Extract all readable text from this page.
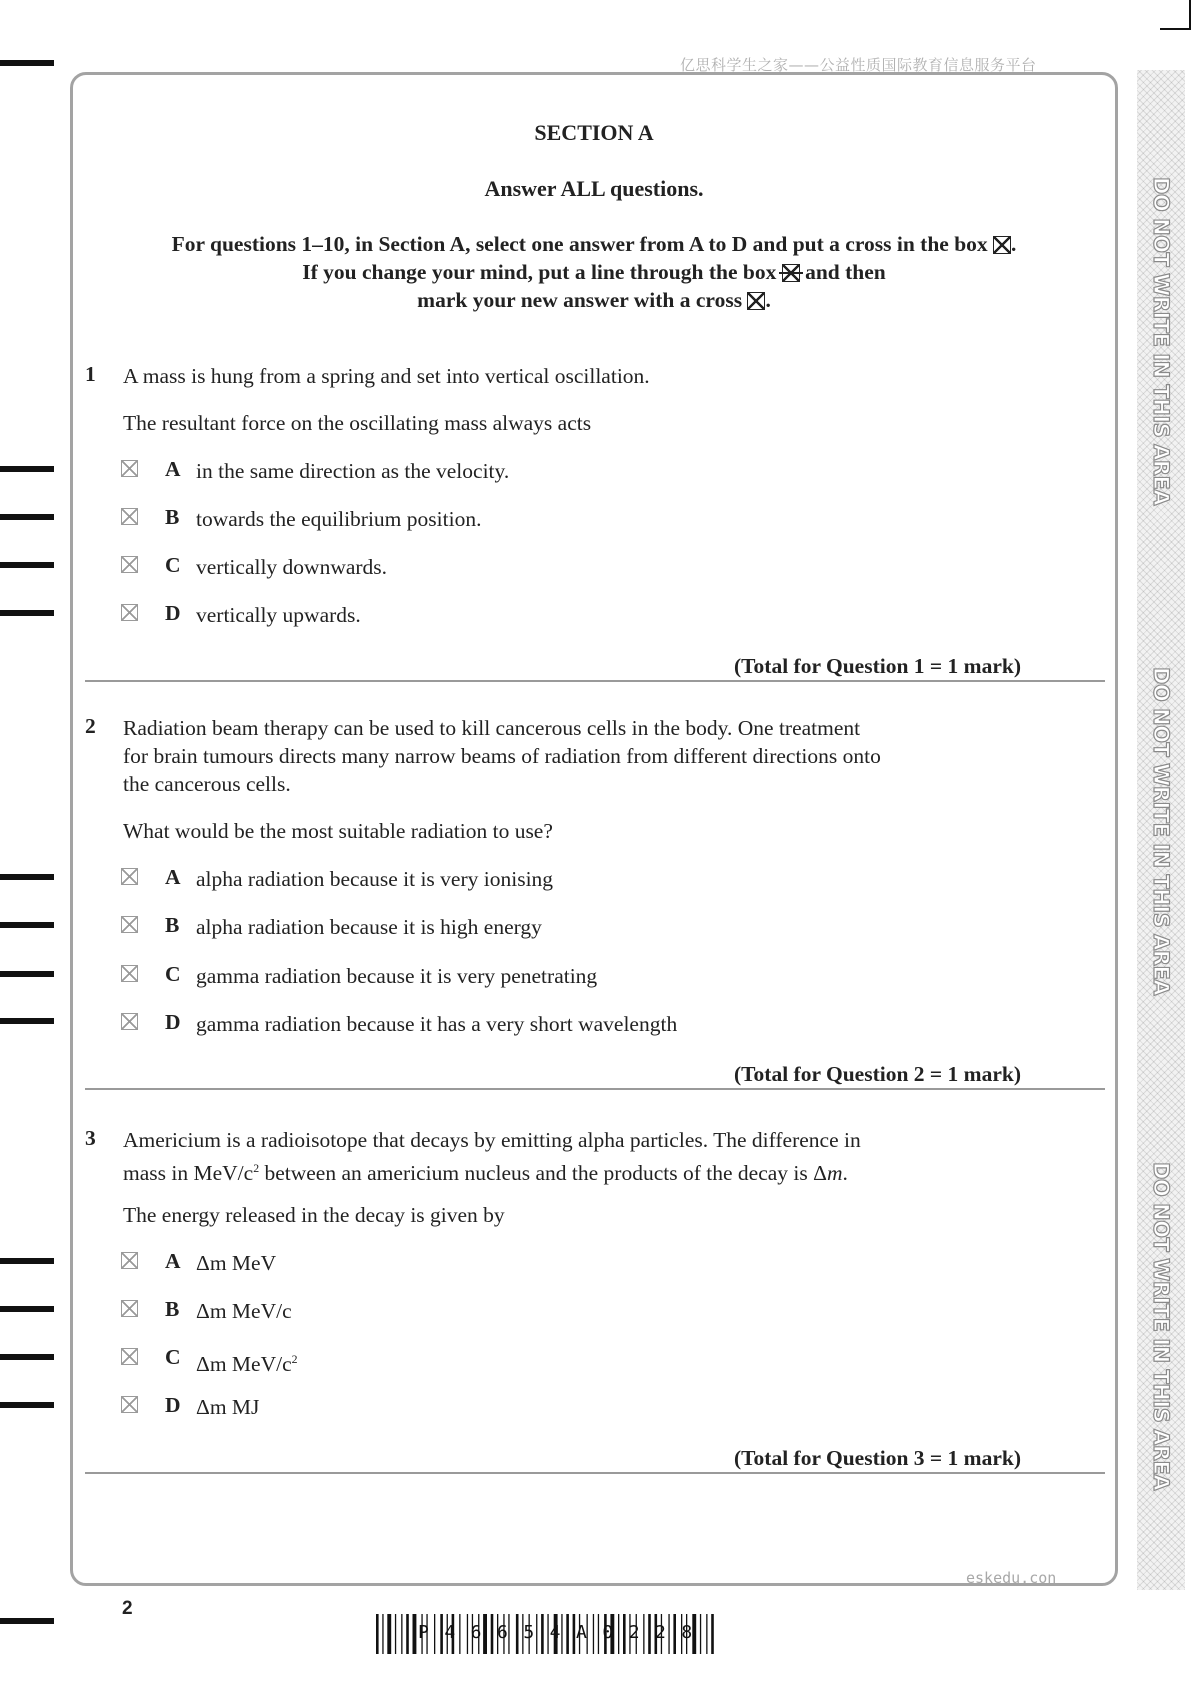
亿思科学生之家——公益性质国际教育信息服务平台
eskedu.con
DO NOT WRITE IN THIS AREA
DO NOT WRITE IN THIS AREA
DO NOT WRITE IN THIS AREA
SECTION A
Answer ALL questions.
For questions 1–10, in Section A, select one answer from A to D and put a cross in the box ☒.
If you change your mind, put a line through the box and then
mark your new answer with a cross ☒.
1 A mass is hung from a spring and set into vertical oscillation.
The resultant force on the oscillating mass always acts
A in the same direction as the velocity.
B towards the equilibrium position.
C vertically downwards.
D vertically upwards.
(Total for Question 1 = 1 mark)
2 Radiation beam therapy can be used to kill cancerous cells in the body. One treatment
for brain tumours directs many narrow beams of radiation from different directions onto
the cancerous cells.
What would be the most suitable radiation to use?
A alpha radiation because it is very ionising
B alpha radiation because it is high energy
C gamma radiation because it is very penetrating
D gamma radiation because it has a very short wavelength
(Total for Question 2 = 1 mark)
3 Americium is a radioisotope that decays by emitting alpha particles. The difference in
mass in MeV/$c^2$ between an americium nucleus and the products of the decay is Δm.
The energy released in the decay is given by
A Δm MeV
B Δm MeV/c
C Δm MeV/$c^2$
D Δm MJ
(Total for Question 3 = 1 mark)
2
P46654A0228
